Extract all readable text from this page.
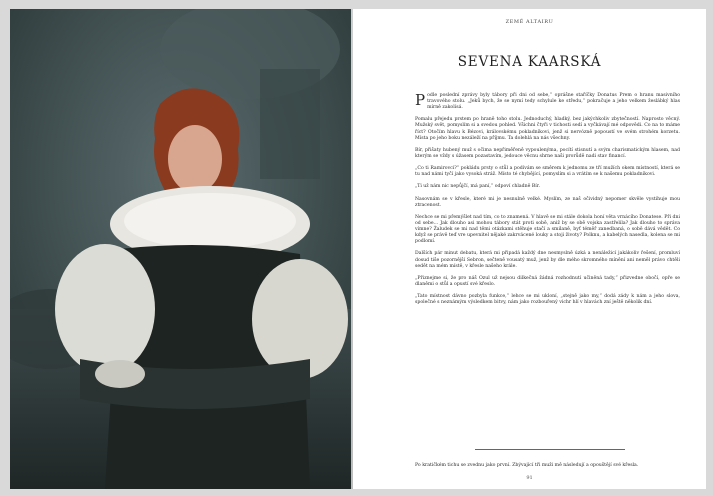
ZEMĚ ALTAIRU
SEVENA KAARSKÁ

Podle poslední zprávy byly tábory při dni od sebe,“ oprášne staříčky Donatus Prem o hranu masivního travového stolu. „Jeků bych, že se nymí tedy schylule ke středu,“ pokračuje a jeho velkem žeslábký hlas mírně zakolísá.

Pomalu přejedu prstem po hraně toho stolu. Jednoduchý, hladký, bez jakýchkoliv zbytečností. Naprosto věcný. Mužský svět, pomyslím si a svedou pohled. Všichni čtyři v tichosti sedí a vyčkávají mé odpovědi. Co na to máme říct? Otočím hlavu k Bézovi, královskému pokladníkovi, jenž si nervózně popoustí ve svém strohém korzetu. Místa po jeho boku nezáleží na příjmu. Ta dolehlá na nás všechny.

Bír, přišaty hubený muž s očima nepřiměřeně vypoulenýma, pocítí stisnutí a svým charismatickým hlasem, nad kterým se vždy s úžasem pozastavím, jedouce věcnu shrne naši prorůdě nadi stav financí.

„Co ti Ramirovci?“ pokládu prsty o stůl a podívám se směrem k jednomu ze tří mužích okem místností, která se tu nad námi tyčí jako vysoká stráž. Místo té chybějící, pomyslím si a vrátím se k našemu pokladníkovi.

„Ti už nám nic nepůjčí, má paní,“ odpoví chladně Bír.

Nasovnám se v křesle, které mi je nesnulně velké. Myslím, ze naš očividný nepomer skvěle vystihuje mou ztracenost.

Nechce se mi přemýšlet nad tím, co to znamená. V hlavě se mi stále dokola honí věta vrnácího Donatese. Při dni od sebe… Jak dlouho asi mohou tábory stát proti sobě, aniž by se obě vojska zastřelila? Jak dlouho to správa vímne? Žaludek se mi nad těmi otázkami stěhuje stačí a smilaně, byť téměř zanedbaná, o sobě dává vědět. Co když se právě teď vre upevnitel nějaké zakrvácené louky a stoji životy? Polknu, a kabelých nasedla, kolena se mi podlomí.

Dalších pár minut debatu, která mi připadá každý dne nesmyslně úzká a nenáležicí jakákoliv řešení, promluví dosud tiše pozornější Sebron, sečteně vousatý muž, jenž by dle mého skromného mínění ani neměl právo chtěli sedět na mém místě, v křesle našeho krále.

„Přiznejme si, že pro náš Ozul už nejsou dilkečná žádná rozhodnutí učiněná tady,“ přizvedne obočí, opře se dlaněmi o stůl a opustí své křeslo.

„Tato místnost dávno pozbyla funkce,“ lehce se mi ukloní, „stejně jako my,“ dodá zády k nám a jeho slova, společné s neznámým výsledkem bitvy, nám jako rozbouřený vichr hlí v hlavách zní ještě několik dní.

Po kratičkém tichu se zvednu jako první. Zbývající tři muži mě následují a opouštějí své křesla.
91
